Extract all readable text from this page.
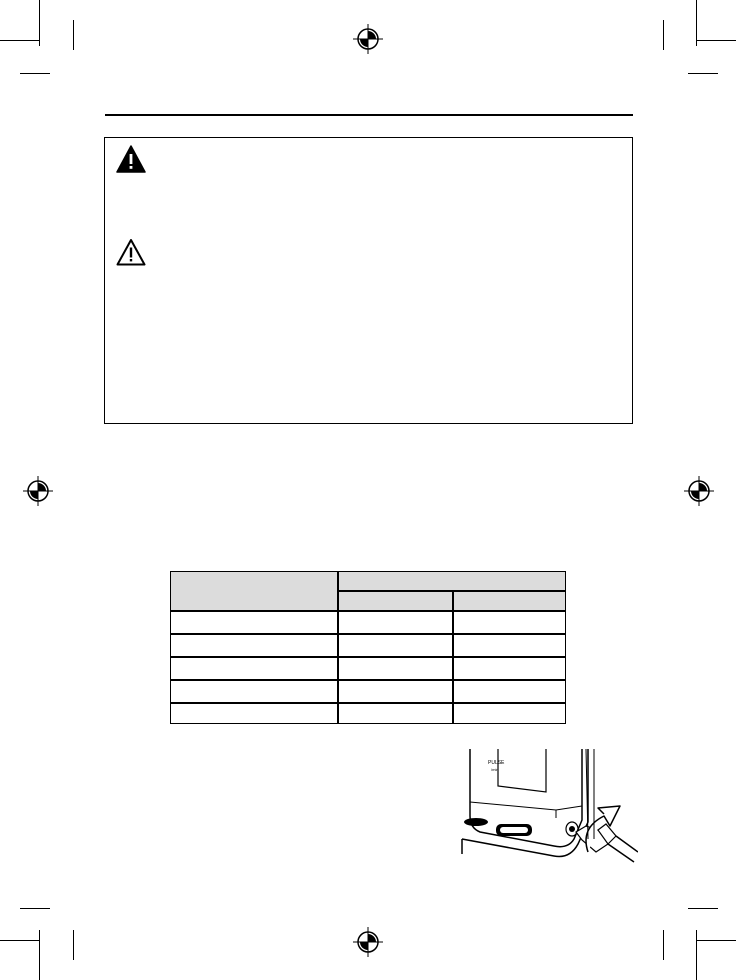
PULSE
/min
